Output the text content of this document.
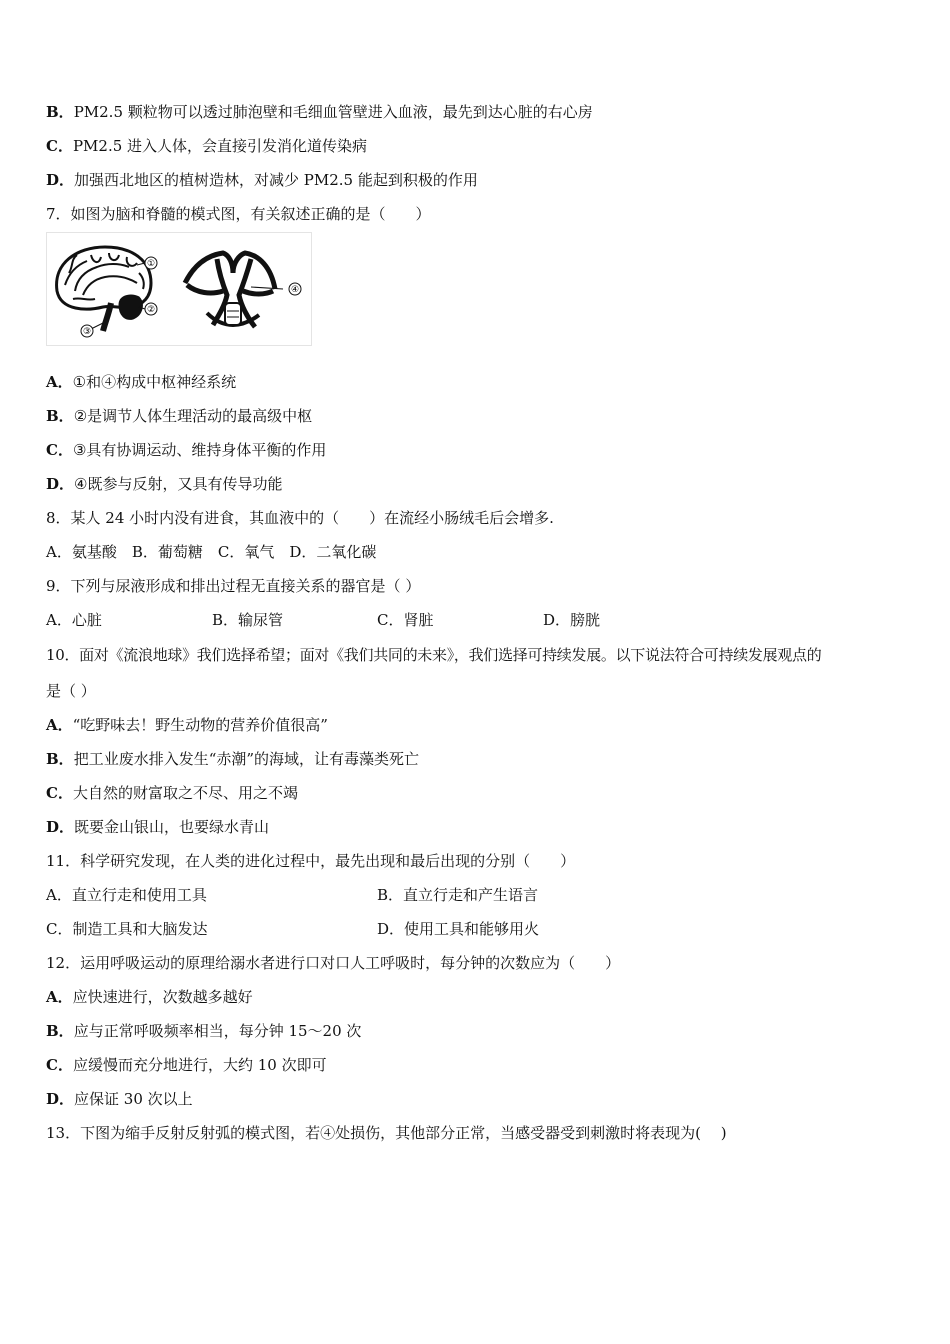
B．PM2.5 颗粒物可以透过肺泡壁和毛细血管壁进入血液，最先到达心脏的右心房
C．PM2.5 进入人体，会直接引发消化道传染病
D．加强西北地区的植树造林，对减少 PM2.5 能起到积极的作用
7．如图为脑和脊髓的模式图，有关叙述正确的是（　　）
①
②
③
④
A．①和④构成中枢神经系统
B．②是调节人体生理活动的最高级中枢
C．③具有协调运动、维持身体平衡的作用
D．④既参与反射，又具有传导功能
8．某人 24 小时内没有进食，其血液中的（　　）在流经小肠绒毛后会增多.
A．氨基酸　B．葡萄糖　C．氧气　D．二氧化碳
9．下列与尿液形成和排出过程无直接关系的器官是（ ）
A．心脏	B．输尿管	C．肾脏	D．膀胱
10．面对《流浪地球》我们选择希望；面对《我们共同的未来》，我们选择可持续发展。以下说法符合可持续发展观点的
是（ ）
A．“吃野味去！野生动物的营养价值很高”
B．把工业废水排入发生“赤潮”的海域，让有毒藻类死亡
C．大自然的财富取之不尽、用之不竭
D．既要金山银山，也要绿水青山
11．科学研究发现，在人类的进化过程中，最先出现和最后出现的分别（　　）
A．直立行走和使用工具	B．直立行走和产生语言
C．制造工具和大脑发达	D．使用工具和能够用火
12．运用呼吸运动的原理给溺水者进行口对口人工呼吸时，每分钟的次数应为（　　）
A．应快速进行，次数越多越好
B．应与正常呼吸频率相当，每分钟 15～20 次
C．应缓慢而充分地进行，大约 10 次即可
D．应保证 30 次以上
13．下图为缩手反射反射弧的模式图，若④处损伤，其他部分正常，当感受器受到刺激时将表现为( 　)
